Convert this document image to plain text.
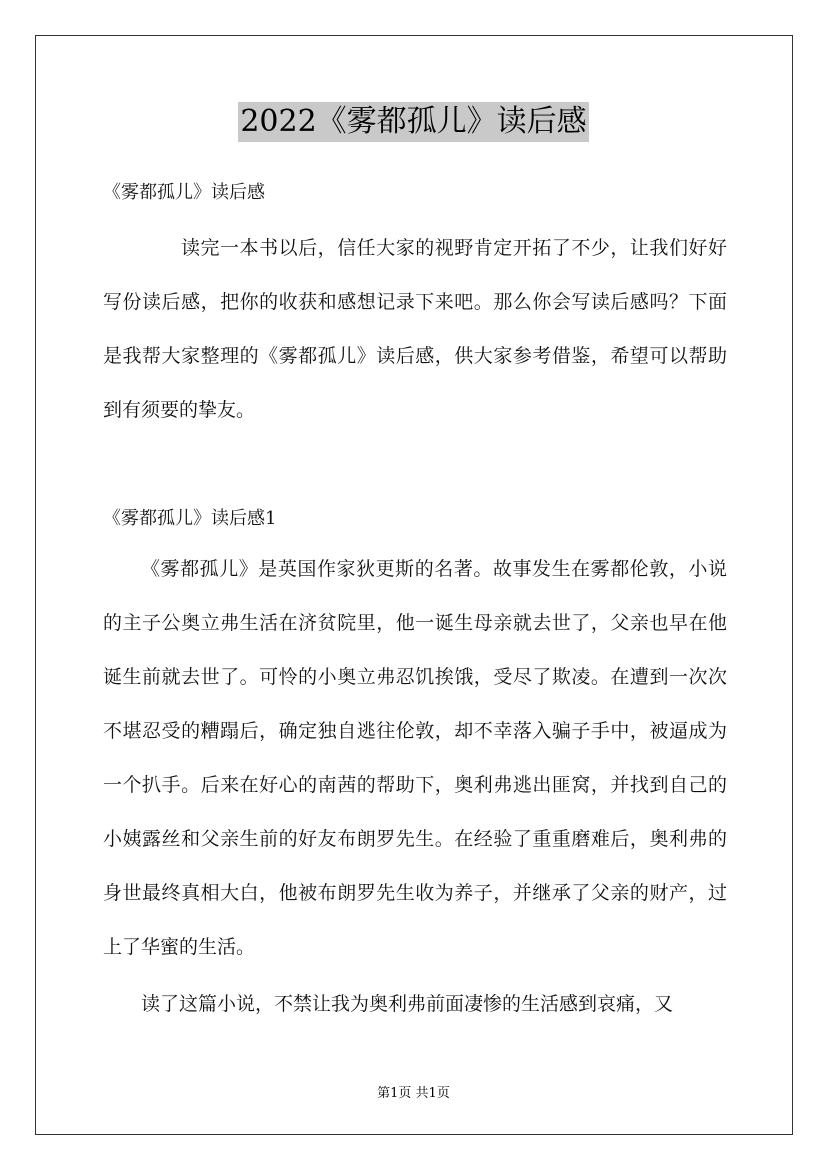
2022《雾都孤儿》读后感

《雾都孤儿》读后感

读完一本书以后，信任大家的视野肯定开拓了不少，让我们好好写份读后感，把你的收获和感想记录下来吧。那么你会写读后感吗？下面是我帮大家整理的《雾都孤儿》读后感，供大家参考借鉴，希望可以帮助到有须要的挚友。

《雾都孤儿》读后感1

《雾都孤儿》是英国作家狄更斯的名著。故事发生在雾都伦敦，小说的主子公奥立弗生活在济贫院里，他一诞生母亲就去世了，父亲也早在他诞生前就去世了。可怜的小奥立弗忍饥挨饿，受尽了欺凌。在遭到一次次不堪忍受的糟蹋后，确定独自逃往伦敦，却不幸落入骗子手中，被逼成为一个扒手。后来在好心的南茜的帮助下，奥利弗逃出匪窝，并找到自己的小姨露丝和父亲生前的好友布朗罗先生。在经验了重重磨难后，奥利弗的身世最终真相大白，他被布朗罗先生收为养子，并继承了父亲的财产，过上了华蜜的生活。

读了这篇小说，不禁让我为奥利弗前面凄惨的生活感到哀痛，又

第1页 共1页
